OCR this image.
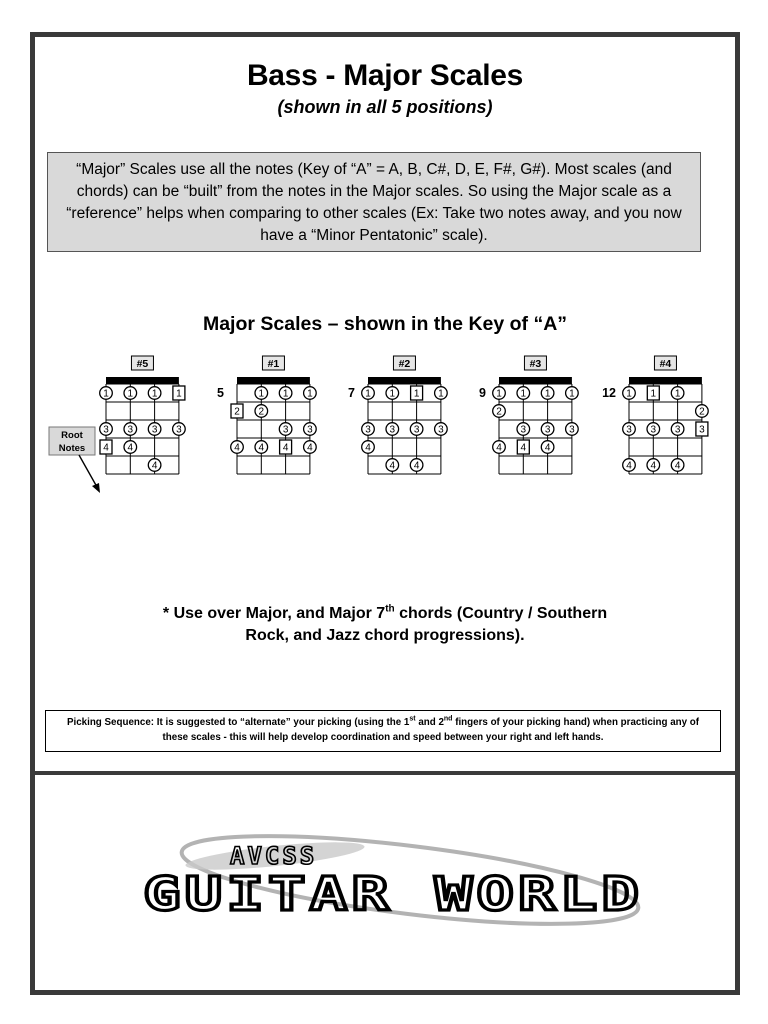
Bass - Major Scales
(shown in all 5 positions)
“Major” Scales use all the notes (Key of “A” = A, B, C#, D, E, F#, G#). Most scales (and chords) can be “built” from the notes in the Major scales. So using the Major scale as a “reference” helps when comparing to other scales (Ex: Take two notes away, and you now have a “Minor Pentatonic” scale).
Major Scales – shown in the Key of “A”
#5
1 1 1 1
3 3 3 3
4 4
4
#1
5	1 1 1
2 2
3 3
4 4 4 4
#2
7 1 1 1 1
3 3 3 3
4
4 4
#3
9 1 1 1 1
2
3 3 3
4 4 4
#4
12 1 1 1
2
3 3 3 3
4 4 4
Root
Notes
* Use over Major, and Major 7th chords (Country / Southern
Rock, and Jazz chord progressions).
Picking Sequence: It is suggested to “alternate” your picking (using the 1st and 2nd fingers of your picking hand) when practicing any of these scales - this will help develop coordination and speed between your right and left hands.
AVCSS
GUITAR WORLD
